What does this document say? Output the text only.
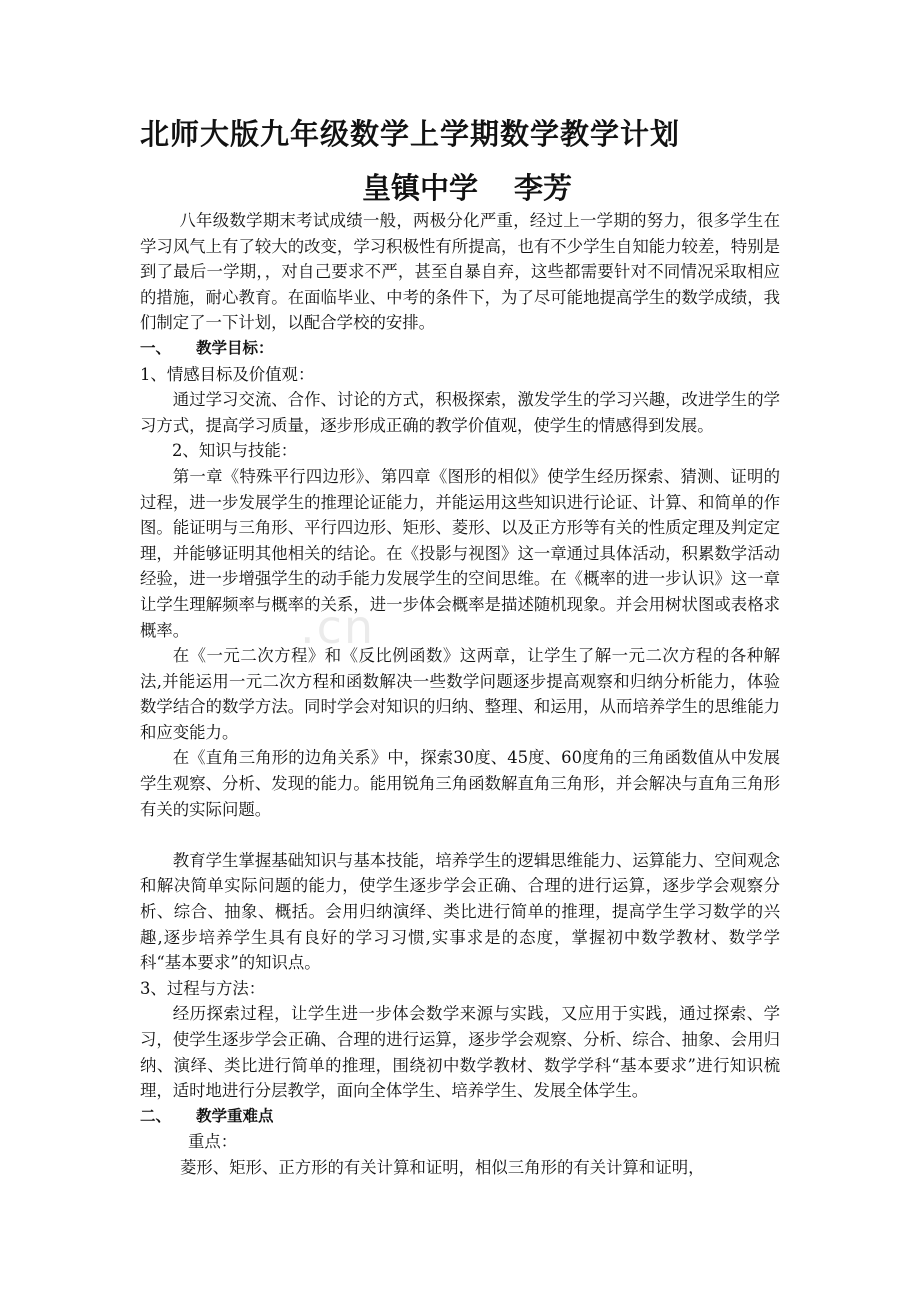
北师大版九年级数学上学期数学教学计划
皇镇中学 李芳

八年级数学期末考试成绩一般，两极分化严重，经过上一学期的努力，很多学生在学习风气上有了较大的改变，学习积极性有所提高，也有不少学生自知能力较差，特别是到了最后一学期，，对自己要求不严，甚至自暴自弃，这些都需要针对不同情况采取相应的措施，耐心教育。在面临毕业、中考的条件下，为了尽可能地提高学生的数学成绩，我们制定了一下计划，以配合学校的安排。

一、 教学目标：

1、情感目标及价值观：

通过学习交流、合作、讨论的方式，积极探索，激发学生的学习兴趣，改进学生的学习方式，提高学习质量，逐步形成正确的教学价值观，使学生的情感得到发展。

2、知识与技能：

第一章《特殊平行四边形》、第四章《图形的相似》使学生经历探索、猜测、证明的过程，进一步发展学生的推理论证能力，并能运用这些知识进行论证、计算、和简单的作图。能证明与三角形、平行四边形、矩形、菱形、以及正方形等有关的性质定理及判定定理，并能够证明其他相关的结论。在《投影与视图》这一章通过具体活动，积累数学活动经验，进一步增强学生的动手能力发展学生的空间思维。在《概率的进一步认识》这一章让学生理解频率与概率的关系，进一步体会概率是描述随机现象。并会用树状图或表格求概率。

在《一元二次方程》和《反比例函数》这两章，让学生了解一元二次方程的各种解法,并能运用一元二次方程和函数解决一些数学问题逐步提高观察和归纳分析能力，体验数学结合的数学方法。同时学会对知识的归纳、整理、和运用，从而培养学生的思维能力和应变能力。

在《直角三角形的边角关系》中，探索30度、45度、60度角的三角函数值从中发展学生观察、分析、发现的能力。能用锐角三角函数解直角三角形，并会解决与直角三角形有关的实际问题。

教育学生掌握基础知识与基本技能，培养学生的逻辑思维能力、运算能力、空间观念和解决简单实际问题的能力，使学生逐步学会正确、合理的进行运算，逐步学会观察分析、综合、抽象、概括。会用归纳演绎、类比进行简单的推理，提高学生学习数学的兴趣,逐步培养学生具有良好的学习习惯,实事求是的态度，掌握初中数学教材、数学学科“基本要求”的知识点。

3、过程与方法：

经历探索过程，让学生进一步体会数学来源与实践，又应用于实践，通过探索、学习，使学生逐步学会正确、合理的进行运算，逐步学会观察、分析、综合、抽象、会用归纳、演绎、类比进行简单的推理，围绕初中数学教材、数学学科“基本要求”进行知识梳理，适时地进行分层教学，面向全体学生、培养学生、发展全体学生。

二、 教学重难点

重点：

菱形、矩形、正方形的有关计算和证明，相似三角形的有关计算和证明，

.cn
